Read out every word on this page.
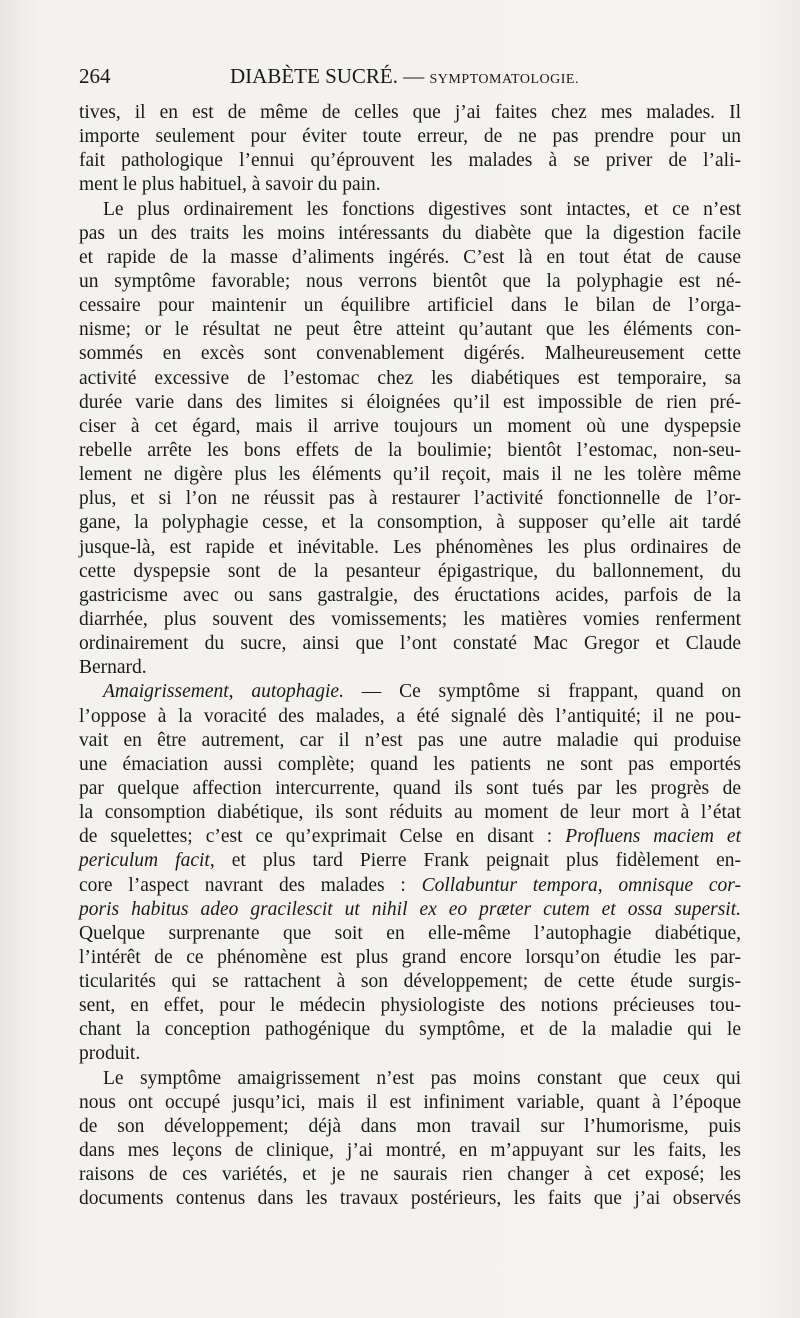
264	DIABÈTE SUCRÉ. — SYMPTOMATOLOGIE.
tives, il en est de même de celles que j’ai faites chez mes malades. Il
importe seulement pour éviter toute erreur, de ne pas prendre pour un
fait pathologique l’ennui qu’éprouvent les malades à se priver de l’ali-
ment le plus habituel, à savoir du pain.
Le plus ordinairement les fonctions digestives sont intactes, et ce n’est
pas un des traits les moins intéressants du diabète que la digestion facile
et rapide de la masse d’aliments ingérés. C’est là en tout état de cause
un symptôme favorable; nous verrons bientôt que la polyphagie est né-
cessaire pour maintenir un équilibre artificiel dans le bilan de l’orga-
nisme; or le résultat ne peut être atteint qu’autant que les éléments con-
sommés en excès sont convenablement digérés. Malheureusement cette
activité excessive de l’estomac chez les diabétiques est temporaire, sa
durée varie dans des limites si éloignées qu’il est impossible de rien pré-
ciser à cet égard, mais il arrive toujours un moment où une dyspepsie
rebelle arrête les bons effets de la boulimie; bientôt l’estomac, non-seu-
lement ne digère plus les éléments qu’il reçoit, mais il ne les tolère même
plus, et si l’on ne réussit pas à restaurer l’activité fonctionnelle de l’or-
gane, la polyphagie cesse, et la consomption, à supposer qu’elle ait tardé
jusque-là, est rapide et inévitable. Les phénomènes les plus ordinaires de
cette dyspepsie sont de la pesanteur épigastrique, du ballonnement, du
gastricisme avec ou sans gastralgie, des éructations acides, parfois de la
diarrhée, plus souvent des vomissements; les matières vomies renferment
ordinairement du sucre, ainsi que l’ont constaté Mac Gregor et Claude
Bernard.
Amaigrissement, autophagie. — Ce symptôme si frappant, quand on
l’oppose à la voracité des malades, a été signalé dès l’antiquité; il ne pou-
vait en être autrement, car il n’est pas une autre maladie qui produise
une émaciation aussi complète; quand les patients ne sont pas emportés
par quelque affection intercurrente, quand ils sont tués par les progrès de
la consomption diabétique, ils sont réduits au moment de leur mort à l’état
de squelettes; c’est ce qu’exprimait Celse en disant : Profluens maciem et
periculum facit, et plus tard Pierre Frank peignait plus fidèlement en-
core l’aspect navrant des malades : Collabuntur tempora, omnisque cor-
poris habitus adeo gracilescit ut nihil ex eo præter cutem et ossa supersit.
Quelque surprenante que soit en elle-même l’autophagie diabétique,
l’intérêt de ce phénomène est plus grand encore lorsqu’on étudie les par-
ticularités qui se rattachent à son développement; de cette étude surgis-
sent, en effet, pour le médecin physiologiste des notions précieuses tou-
chant la conception pathogénique du symptôme, et de la maladie qui le
produit.
Le symptôme amaigrissement n’est pas moins constant que ceux qui
nous ont occupé jusqu’ici, mais il est infiniment variable, quant à l’époque
de son développement; déjà dans mon travail sur l’humorisme, puis
dans mes leçons de clinique, j’ai montré, en m’appuyant sur les faits, les
raisons de ces variétés, et je ne saurais rien changer à cet exposé; les
documents contenus dans les travaux postérieurs, les faits que j’ai observés
